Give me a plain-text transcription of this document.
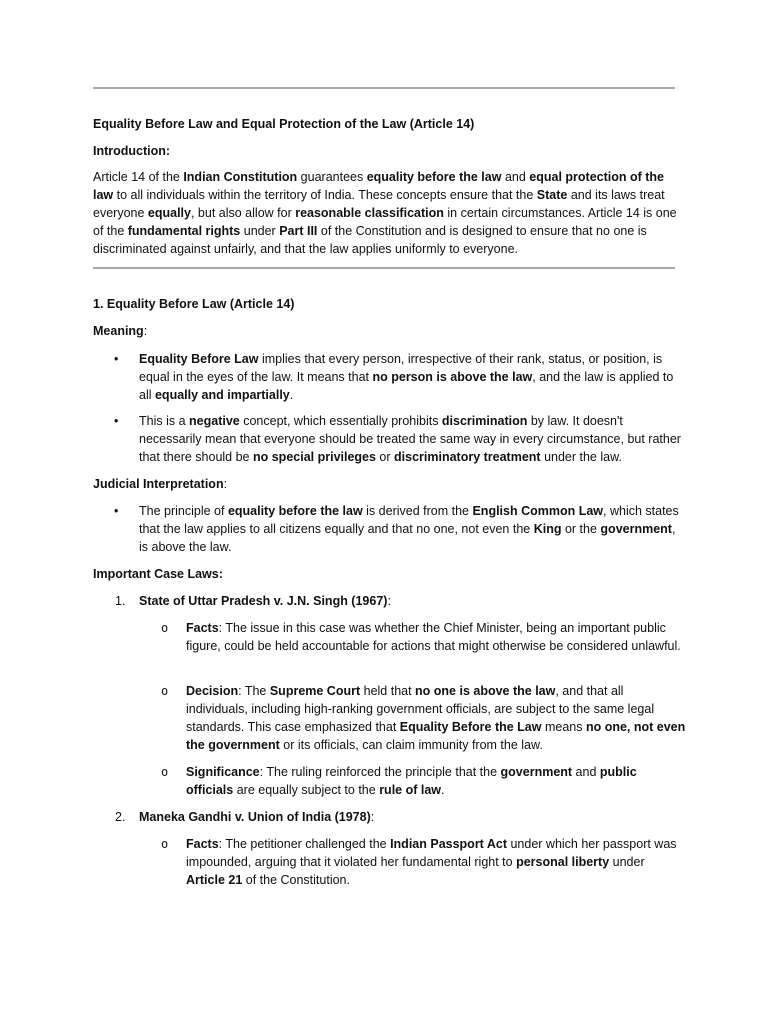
Equality Before Law and Equal Protection of the Law (Article 14)

Introduction:

Article 14 of the Indian Constitution guarantees equality before the law and equal protection of the law to all individuals within the territory of India. These concepts ensure that the State and its laws treat everyone equally, but also allow for reasonable classification in certain circumstances. Article 14 is one of the fundamental rights under Part III of the Constitution and is designed to ensure that no one is discriminated against unfairly, and that the law applies uniformly to everyone.

1. Equality Before Law (Article 14)

Meaning:

• Equality Before Law implies that every person, irrespective of their rank, status, or position, is equal in the eyes of the law. It means that no person is above the law, and the law is applied to all equally and impartially.

• This is a negative concept, which essentially prohibits discrimination by law. It doesn't necessarily mean that everyone should be treated the same way in every circumstance, but rather that there should be no special privileges or discriminatory treatment under the law.

Judicial Interpretation:

• The principle of equality before the law is derived from the English Common Law, which states that the law applies to all citizens equally and that no one, not even the King or the government, is above the law.

Important Case Laws:

1. State of Uttar Pradesh v. J.N. Singh (1967):

o Facts: The issue in this case was whether the Chief Minister, being an important public figure, could be held accountable for actions that might otherwise be considered unlawful.

o Decision: The Supreme Court held that no one is above the law, and that all individuals, including high-ranking government officials, are subject to the same legal standards. This case emphasized that Equality Before the Law means no one, not even the government or its officials, can claim immunity from the law.

o Significance: The ruling reinforced the principle that the government and public officials are equally subject to the rule of law.

2. Maneka Gandhi v. Union of India (1978):

o Facts: The petitioner challenged the Indian Passport Act under which her passport was impounded, arguing that it violated her fundamental right to personal liberty under Article 21 of the Constitution.
